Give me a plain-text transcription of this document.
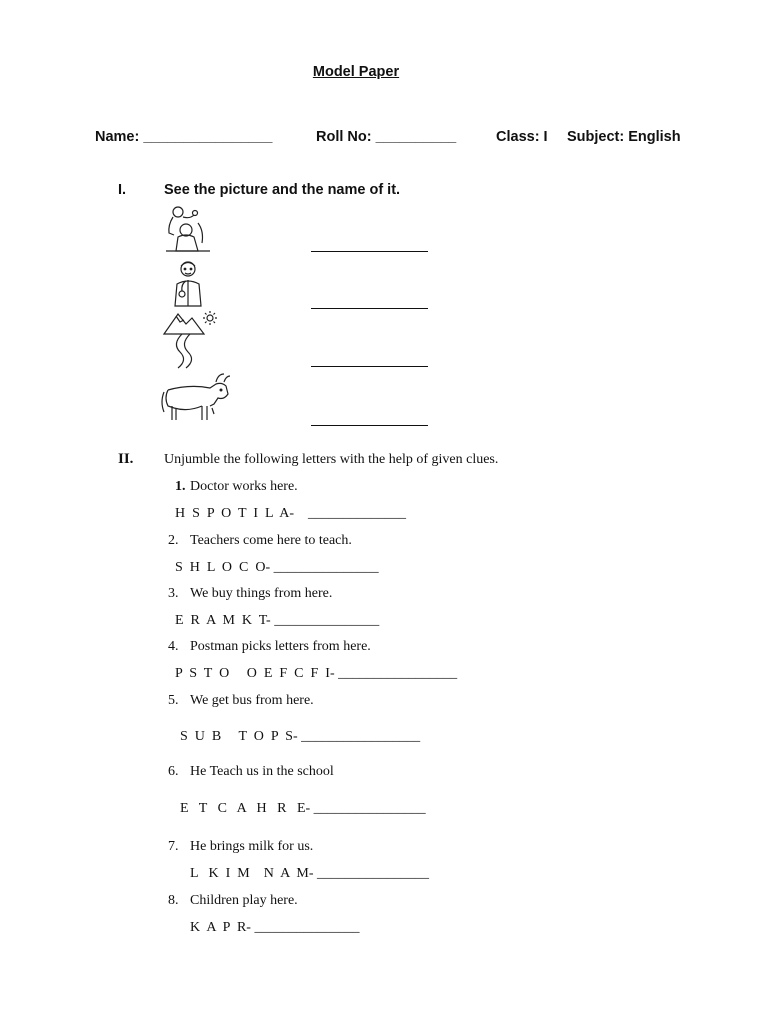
Model Paper
Name: ________________	Roll No: __________	Class: I Subject: English
I.	See the picture and the name of it.
II. Unjumble the following letters with the help of given clues.
1. Doctor works here.
H  S  P  O  T  I  L  A-    ______________
2. Teachers come here to teach.
S  H  L  O  C  O- _______________
3. We buy things from here.
E  R  A  M  K  T- _______________
4. Postman picks letters from here.
P  S  T  O     O  E  F  C  F  I- _________________
5. We get bus from here.
S  U  B     T  O  P  S- _________________
6. He Teach us in the school
E   T   C   A   H   R   E- ________________
7. He brings milk for us.
L   K  I  M    N  A  M- ________________
8. Children play here.
K  A  P  R- _______________
